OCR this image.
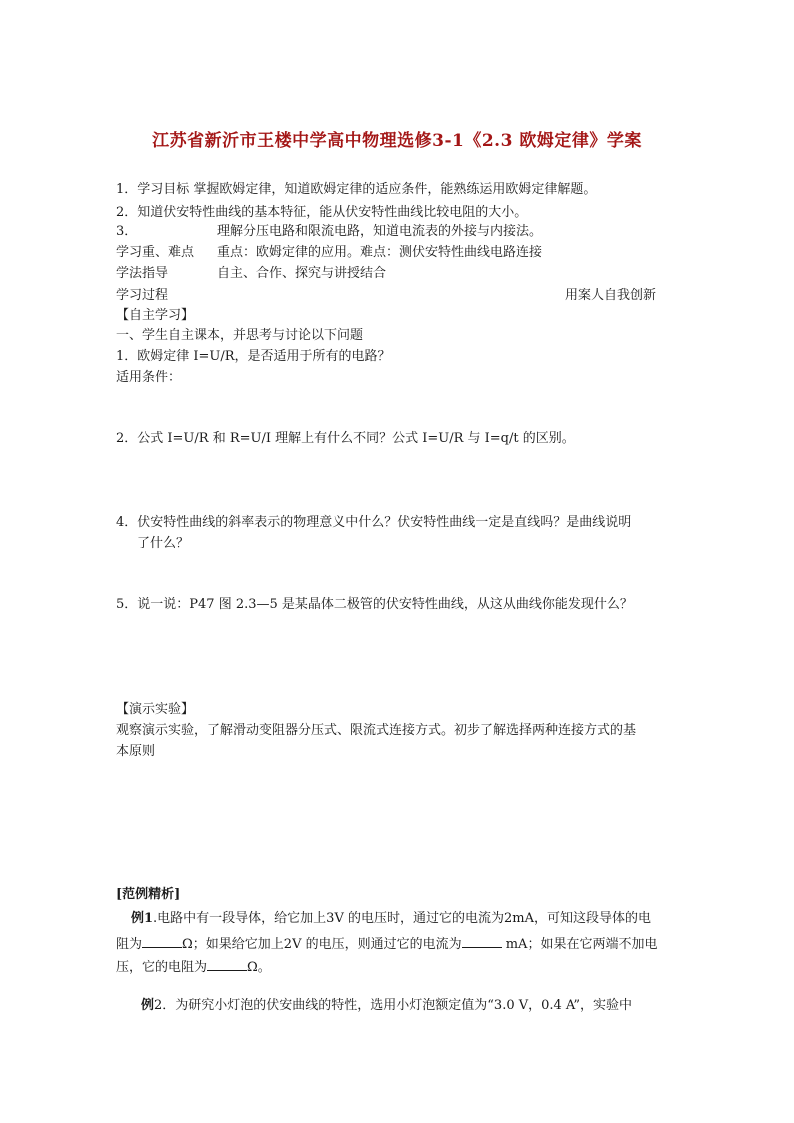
江苏省新沂市王楼中学高中物理选修3-1《2.3 欧姆定律》学案
1．学习目标 掌握欧姆定律，知道欧姆定律的适应条件，能熟练运用欧姆定律解题。
2．知道伏安特性曲线的基本特征，能从伏安特性曲线比较电阻的大小。
3．	理解分压电路和限流电路，知道电流表的外接与内接法。
学习重、难点 重点：欧姆定律的应用。难点：测伏安特性曲线电路连接
学法指导	自主、合作、探究与讲授结合
学习过程	用案人自我创新
【自主学习】
一、学生自主课本，并思考与讨论以下问题
1．欧姆定律 I=U/R，是否适用于所有的电路？
适用条件：
2．公式 I=U/R 和 R=U/I 理解上有什么不同？公式 I=U/R 与 I=q/t 的区别。
4．伏安特性曲线的斜率表示的物理意义中什么？伏安特性曲线一定是直线吗？是曲线说明
了什么？
5．说一说：P47 图 2.3—5 是某晶体二极管的伏安特性曲线，从这从曲线你能发现什么？
【演示实验】
观察演示实验，了解滑动变阻器分压式、限流式连接方式。初步了解选择两种连接方式的基
本原则
[范例精析]
例1.电路中有一段导体，给它加上3V 的电压时，通过它的电流为2mA，可知这段导体的电
阻为	Ω；如果给它加上2V 的电压，则通过它的电流为	mA；如果在它两端不加电
压，它的电阻为	Ω。
例2．为研究小灯泡的伏安曲线的特性，选用小灯泡额定值为“3.0 V，0.4 A”，实验中
